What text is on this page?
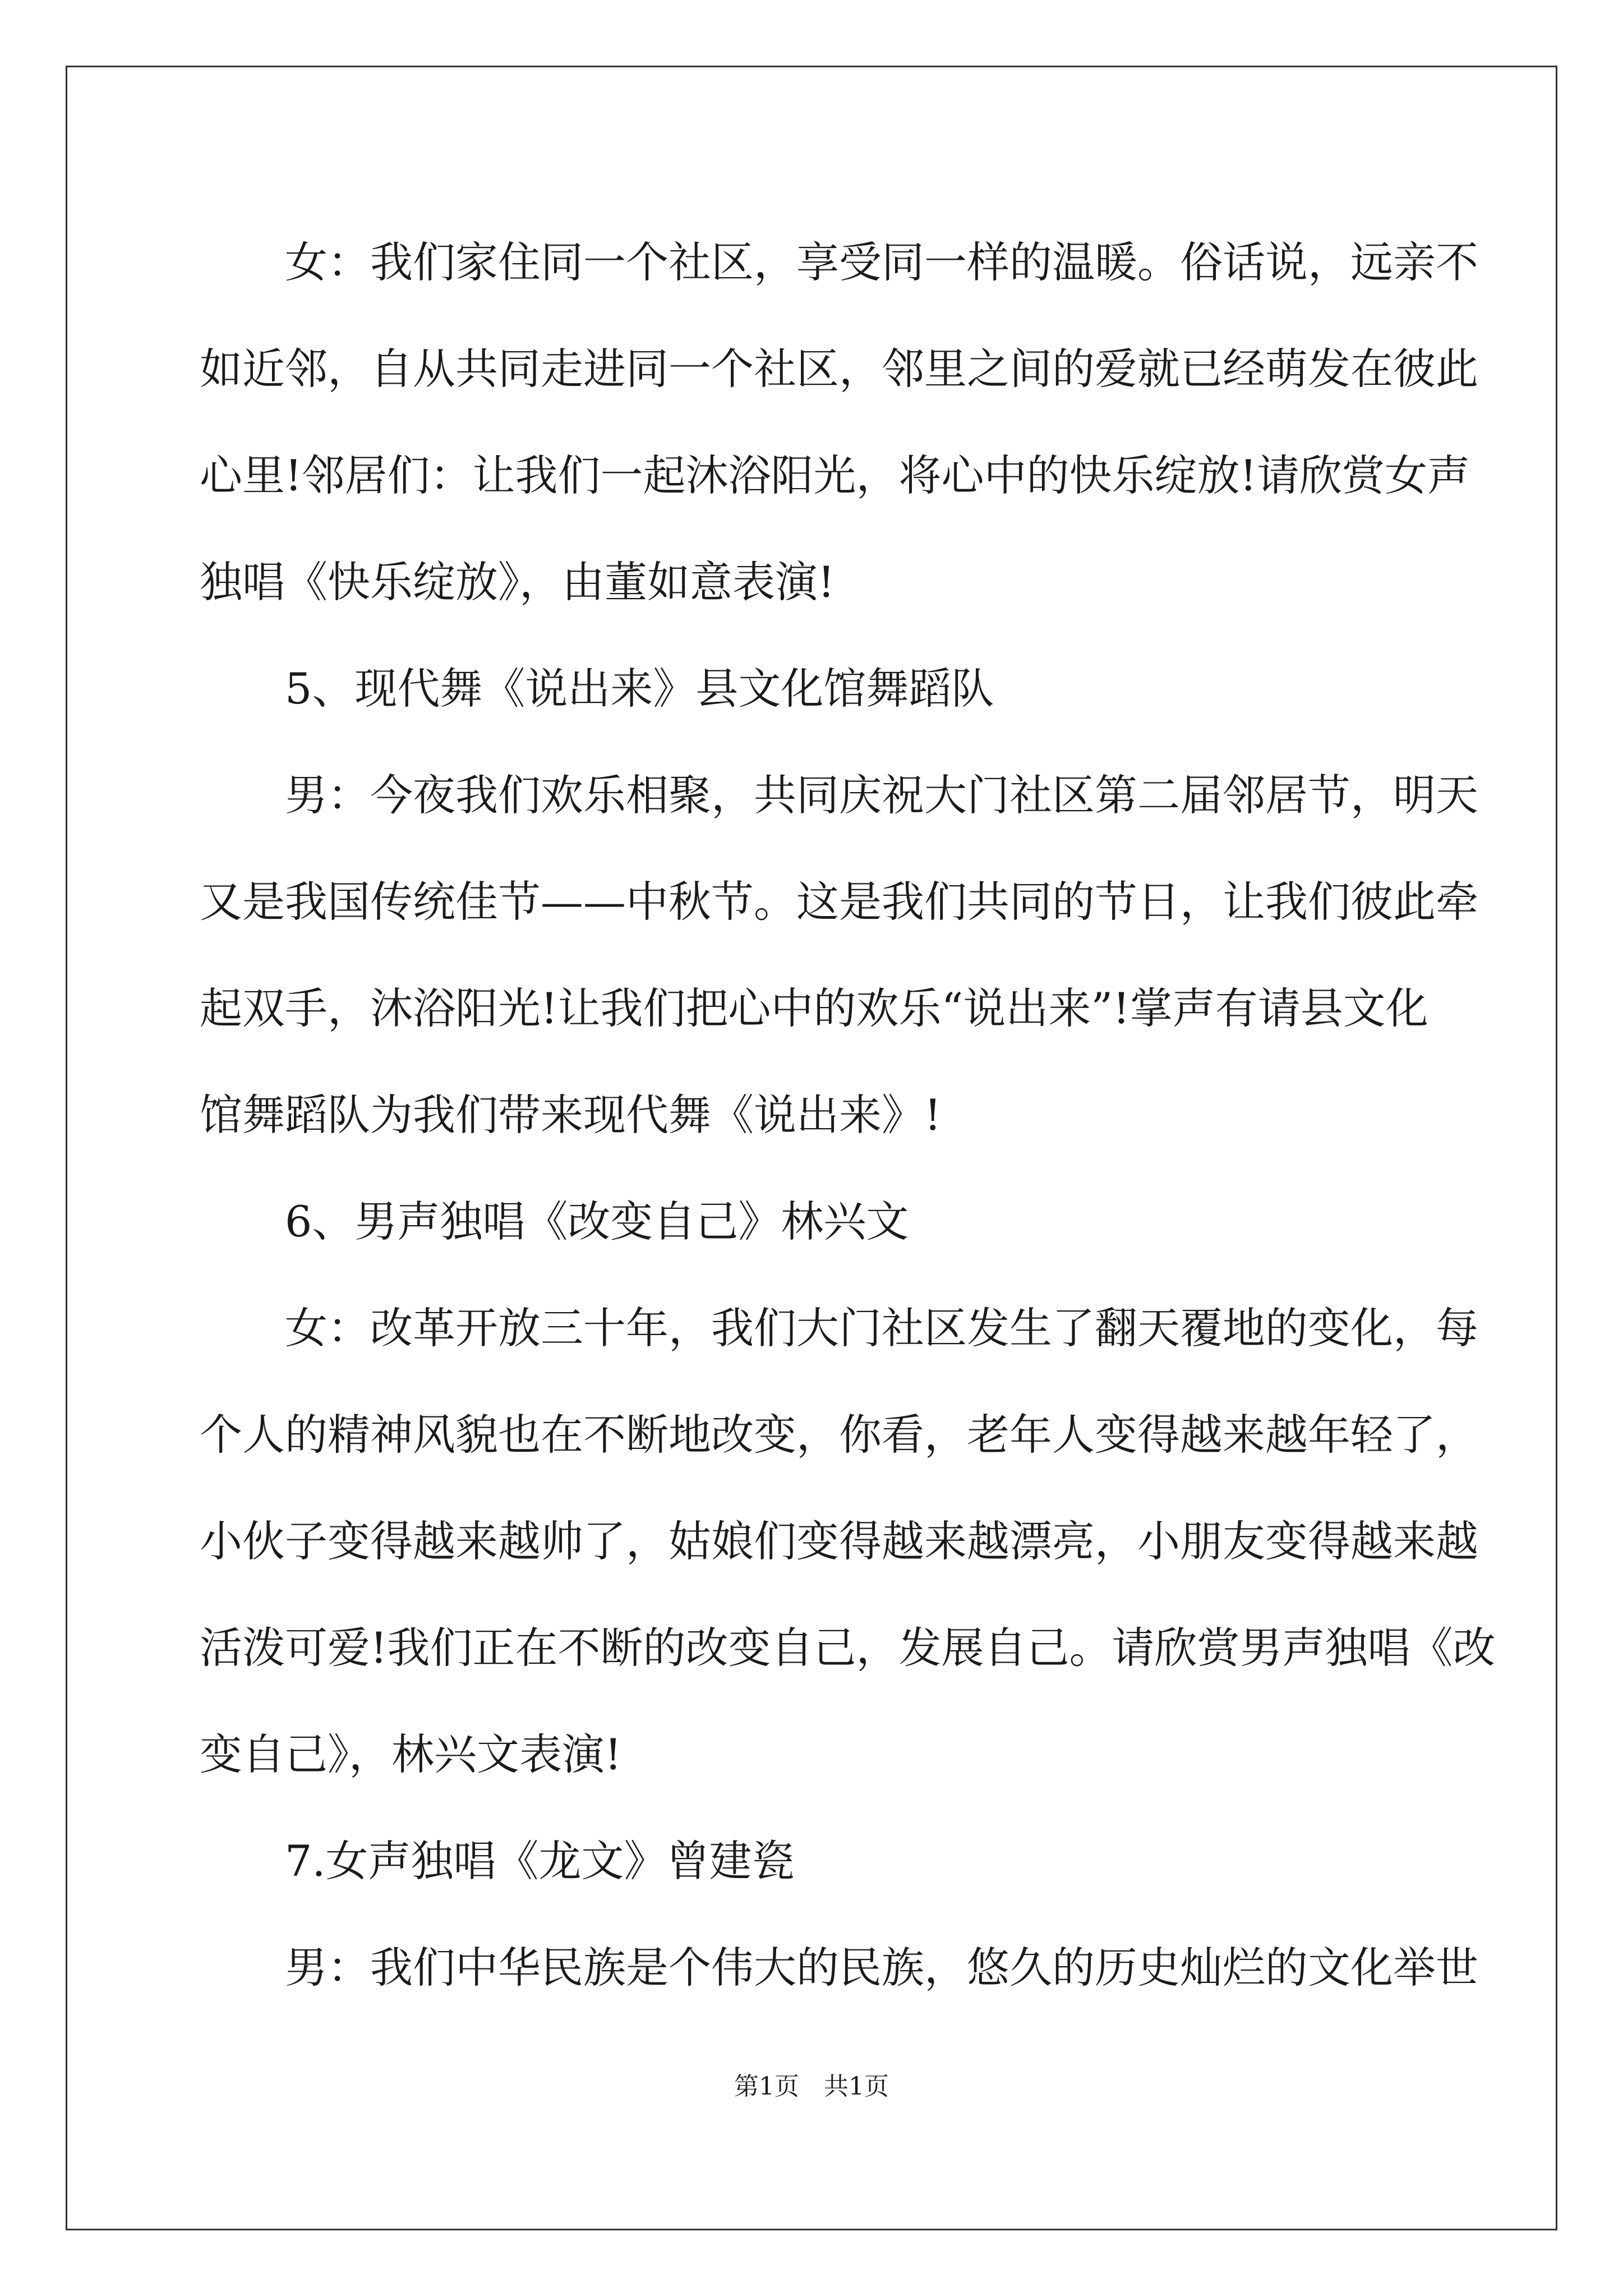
女：我们家住同一个社区，享受同一样的温暖。俗话说，远亲不
如近邻，自从共同走进同一个社区，邻里之间的爱就已经萌发在彼此
心里!邻居们：让我们一起沐浴阳光，将心中的快乐绽放!请欣赏女声
独唱《快乐绽放》，由董如意表演!
5、现代舞《说出来》县文化馆舞蹈队
男：今夜我们欢乐相聚，共同庆祝大门社区第二届邻居节，明天
又是我国传统佳节——中秋节。这是我们共同的节日，让我们彼此牵
起双手，沐浴阳光!让我们把心中的欢乐“说出来”!掌声有请县文化
馆舞蹈队为我们带来现代舞《说出来》!
6、男声独唱《改变自己》林兴文
女：改革开放三十年，我们大门社区发生了翻天覆地的变化，每
个人的精神风貌也在不断地改变，你看，老年人变得越来越年轻了，
小伙子变得越来越帅了，姑娘们变得越来越漂亮，小朋友变得越来越
活泼可爱!我们正在不断的改变自己，发展自己。请欣赏男声独唱《改
变自己》，林兴文表演!
7.女声独唱《龙文》曾建瓷
男：我们中华民族是个伟大的民族，悠久的历史灿烂的文化举世
第1页　共1页
